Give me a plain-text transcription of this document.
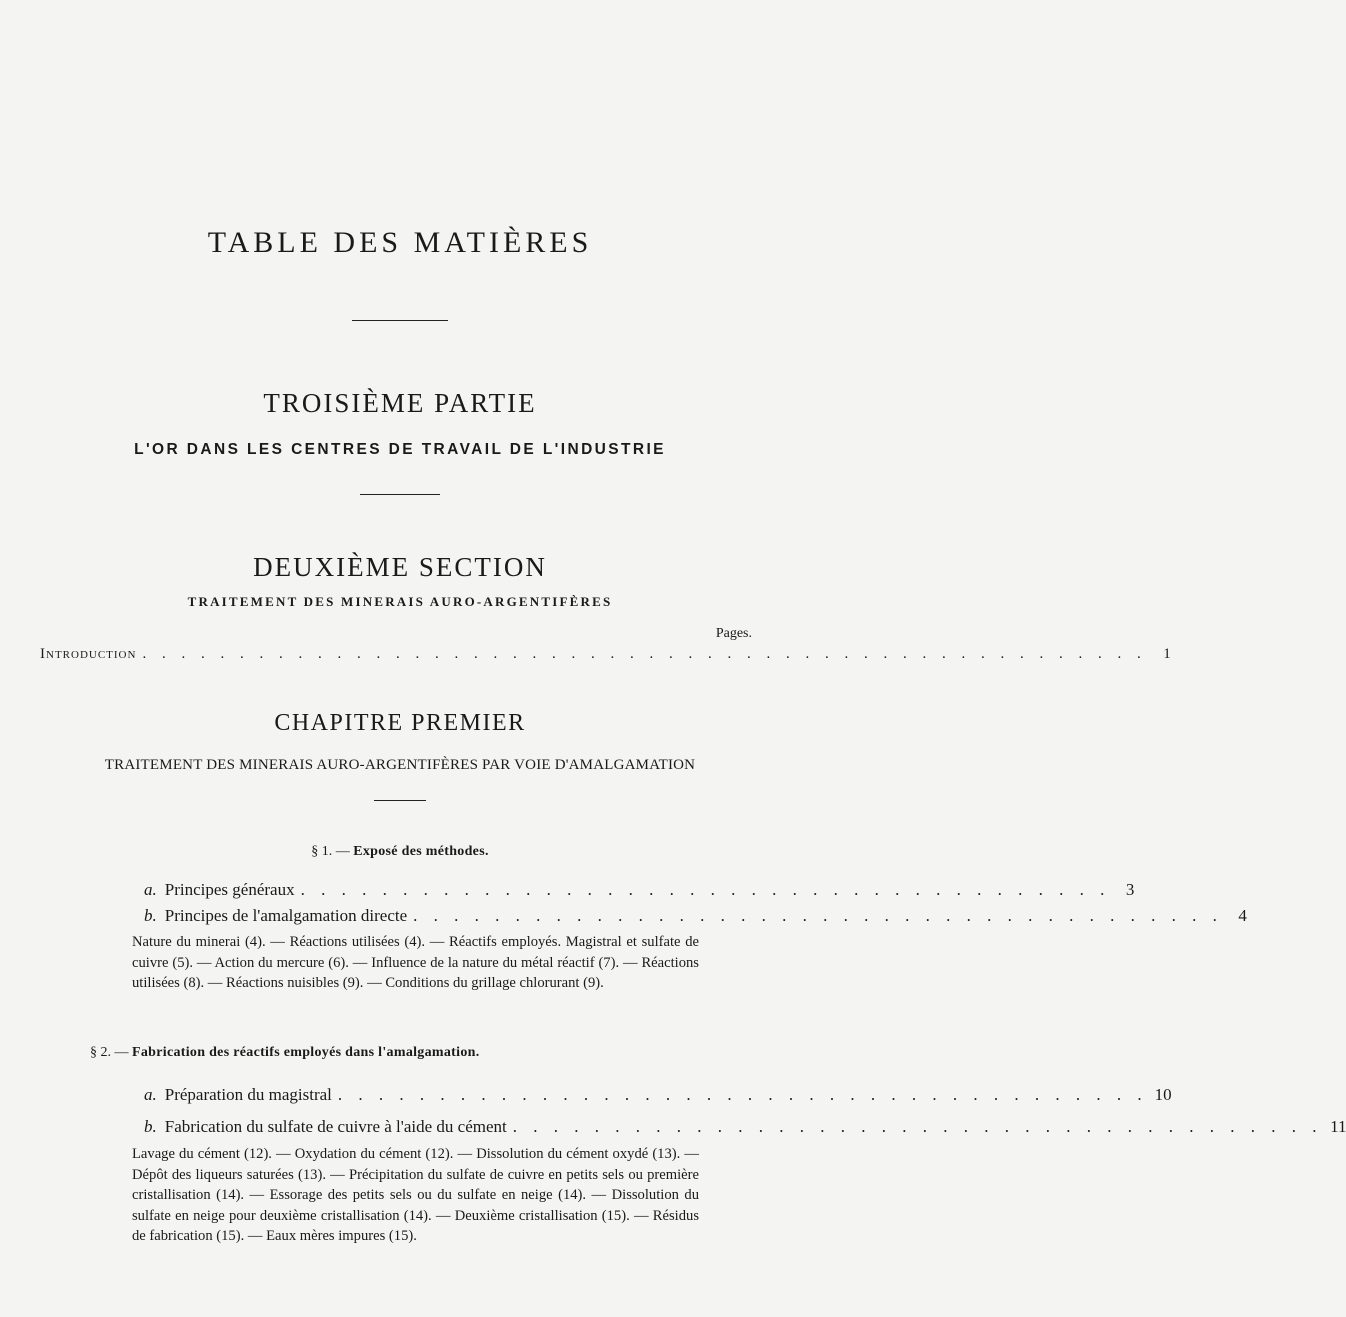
TABLE DES MATIÈRES
TROISIÈME PARTIE
L'OR DANS LES CENTRES DE TRAVAIL DE L'INDUSTRIE
DEUXIÈME SECTION
TRAITEMENT DES MINERAIS AURO-ARGENTIFÈRES
Pages.
Introduction . . . . . . . . . . . . . . . . . . . . . . . . . . . . . . . . . . . . . . . . . . . . . . . . . . . .	1
CHAPITRE PREMIER
TRAITEMENT DES MINERAIS AURO-ARGENTIFÈRES PAR VOIE D'AMALGAMATION
§ 1. — Exposé des méthodes.
a. Principes généraux . . . . . . . . . . . . . . . . . . . . . . . . . . . . . . . . . . . . . . . . 3
b. Principes de l'amalgamation directe . . . . . . . . . . . . . . . . . . . . . . . . . . . . . . . . . . . . . . . . 4
Nature du minerai (4). — Réactions utilisées (4). — Réactifs employés. Magistral et sulfate de cuivre (5). — Action du mercure (6). — Influence de la nature du métal réactif (7). — Réactions utilisées (8). — Réactions nuisibles (9). — Conditions du grillage chlorurant (9).
§ 2. — Fabrication des réactifs employés dans l'amalgamation.
a. Préparation du magistral . . . . . . . . . . . . . . . . . . . . . . . . . . . . . . . . . . . . . . . . 10
b. Fabrication du sulfate de cuivre à l'aide du cément . . . . . . . . . . . . . . . . . . . . . . . . . . . . . . . . . . . . . . . . 11
Lavage du cément (12). — Oxydation du cément (12). — Dissolution du cément oxydé (13). — Dépôt des liqueurs saturées (13). — Précipitation du sulfate de cuivre en petits sels ou première cristallisation (14). — Essorage des petits sels ou du sulfate en neige (14). — Dissolution du sulfate en neige pour deuxième cristallisation (14). — Deuxième cristallisation (15). — Résidus de fabrication (15). — Eaux mères impures (15).
